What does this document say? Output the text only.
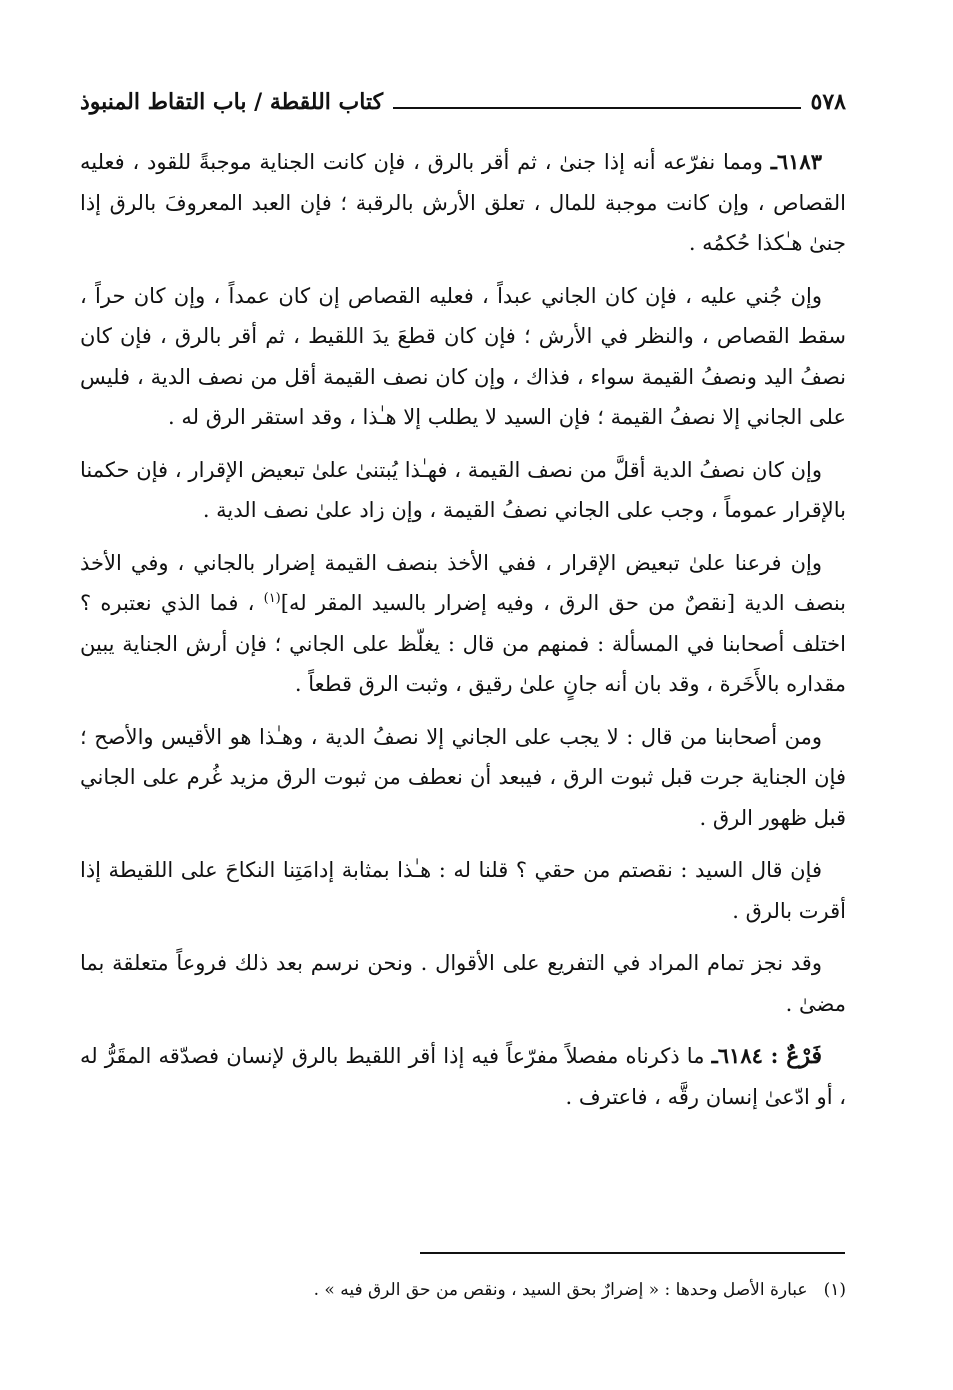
٥٧٨
كتاب اللقطة / باب التقاط المنبوذ

٦١٨٣ـ ومما نفرّعه أنه إذا جنىٰ ، ثم أقر بالرق ، فإن كانت الجناية موجبةً للقود ، فعليه القصاص ، وإن كانت موجبة للمال ، تعلق الأرش بالرقبة ؛ فإن العبد المعروفَ بالرق إذا جنىٰ هـٰكذا حُكمُه .

وإن جُني عليه ، فإن كان الجاني عبداً ، فعليه القصاص إن كان عمداً ، وإن كان حراً ، سقط القصاص ، والنظر في الأرش ؛ فإن كان قطعَ يدَ اللقيط ، ثم أقر بالرق ، فإن كان نصفُ اليد ونصفُ القيمة سواء ، فذاك ، وإن كان نصف القيمة أقل من نصف الدية ، فليس على الجاني إلا نصفُ القيمة ؛ فإن السيد لا يطلب إلا هـٰذا ، وقد استقر الرق له .

وإن كان نصفُ الدية أقلَّ من نصف القيمة ، فهـٰذا يُبتنىٰ علىٰ تبعيض الإقرار ، فإن حكمنا بالإقرار عموماً ، وجب على الجاني نصفُ القيمة ، وإن زاد علىٰ نصف الدية .

وإن فرعنا علىٰ تبعيض الإقرار ، ففي الأخذ بنصف القيمة إضرار بالجاني ، وفي الأخذ بنصف الدية [نقصٌ من حق الرق ، وفيه إضرار بالسيد المقر له]$^{(١)}$ ، فما الذي نعتبره ؟ اختلف أصحابنا في المسألة : فمنهم من قال : يغلّظ على الجاني ؛ فإن أرش الجناية يبين مقداره بالأَخَرة ، وقد بان أنه جانٍ علىٰ رقيق ، وثبت الرق قطعاً .

ومن أصحابنا من قال : لا يجب على الجاني إلا نصفُ الدية ، وهـٰذا هو الأقيس والأصح ؛ فإن الجناية جرت قبل ثبوت الرق ، فيبعد أن نعطف من ثبوت الرق مزيد غُرم على الجاني قبل ظهور الرق .

فإن قال السيد : نقصتم من حقي ؟ قلنا له : هـٰذا بمثابة إدامَتِنا النكاحَ على اللقيطة إذا أقرت بالرق .

وقد نجز تمام المراد في التفريع على الأقوال . ونحن نرسم بعد ذلك فروعاً متعلقة بما مضىٰ .

فَرْعٌ : ٦١٨٤ـ ما ذكرناه مفصلاً مفرّعاً فيه إذا أقر اللقيط بالرق لإنسان فصدّقه المقَرُّ له ، أو ادّعىٰ إنسان رقَّه ، فاعترف .

(١)عبارة الأصل وحدها : « إضرارٌ بحق السيد ، ونقص من حق الرق فيه » .
